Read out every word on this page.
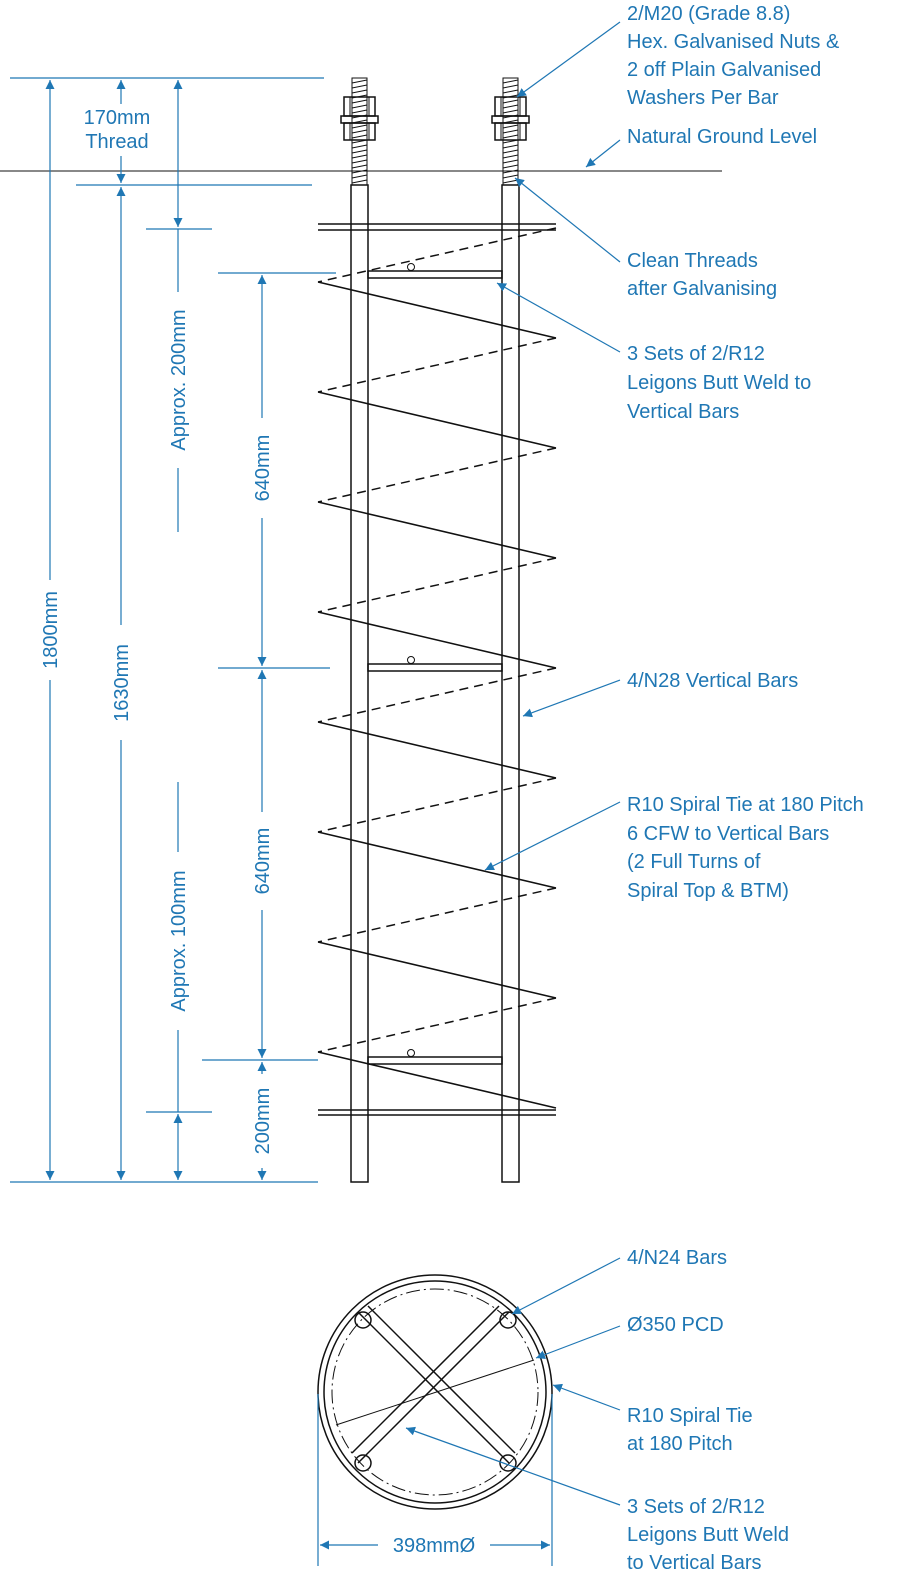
170mm
Thread
1800mm
1630mm
Approx. 200mm
Approx. 100mm
640mm
640mm
200mm
2/M20 (Grade 8.8)
Hex. Galvanised Nuts &
2 off Plain Galvanised
Washers Per Bar
Natural Ground Level
Clean Threads
after Galvanising
3 Sets of 2/R12
Leigons Butt Weld to
Vertical Bars
4/N28 Vertical Bars
R10 Spiral Tie at 180 Pitch
6 CFW to Vertical Bars
(2 Full Turns of
Spiral Top & BTM)
398mmØ
4/N24 Bars
Ø350 PCD
R10 Spiral Tie
at 180 Pitch
3 Sets of 2/R12
Leigons Butt Weld
to Vertical Bars
